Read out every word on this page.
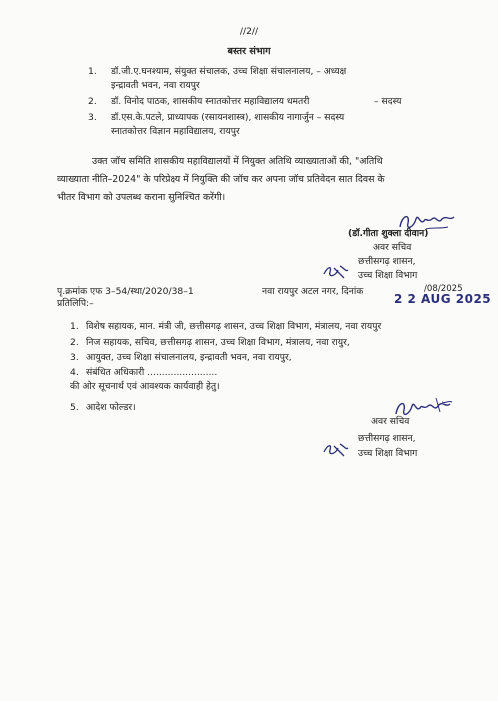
//2//
बस्तर संभाग
1. डॉ.जी.ए.घनश्याम, संयुक्त संचालक, उच्च शिक्षा संचालनालय, – अध्यक्ष
इन्द्रावती भवन, नवा रायपुर
2. डॉ. विनोद पाठक, शासकीय स्नातकोत्तर महाविद्यालय धमतरी	– सदस्य
3. डॉ.एस.के.पटले, प्राध्यापक (रसायनशास्त्र), शासकीय नागार्जुन – सदस्य
स्नातकोत्तर विज्ञान महाविद्यालय, रायपुर
उक्त जॉच समिति शासकीय महाविद्यालयों में नियुक्त अतिथि व्याख्याताओं की, "अतिथि
व्याख्याता नीति–2024" के परिप्रेक्ष्य में नियुक्ति की जॉच कर अपना जॉच प्रतिवेदन सात दिवस के
भीतर विभाग को उपलब्ध कराना सुनिश्चित करेंगी।
(डॉ.गीता शुक्ला दीवान)
अवर सचिव
छत्तीसगढ़ शासन,
उच्च शिक्षा विभाग
पृ.क्रमांक एफ 3–54/स्था/2020/38–1	नवा रायपुर अटल नगर, दिनांक	/08/2025
2 2 AUG 2025
प्रतिलिपि:–
1. विशेष सहायक, मान. मंत्री जी, छत्तीसगढ़ शासन, उच्च शिक्षा विभाग, मंत्रालय, नवा रायपुर
2. निज सहायक, सचिव, छत्तीसगढ़ शासन, उच्च शिक्षा विभाग, मंत्रालय, नवा रायुर,
3. आयुक्त, उच्च शिक्षा संचालनालय, इन्द्रावती भवन, नवा रायपुर,
4. संबंधित अधिकारी ........................
की ओर सूचनार्थ एवं आवश्यक कार्यवाही हेतु।
5. आदेश फोल्डर।
अवर सचिव
छत्तीसगढ़ शासन,
उच्च शिक्षा विभाग
